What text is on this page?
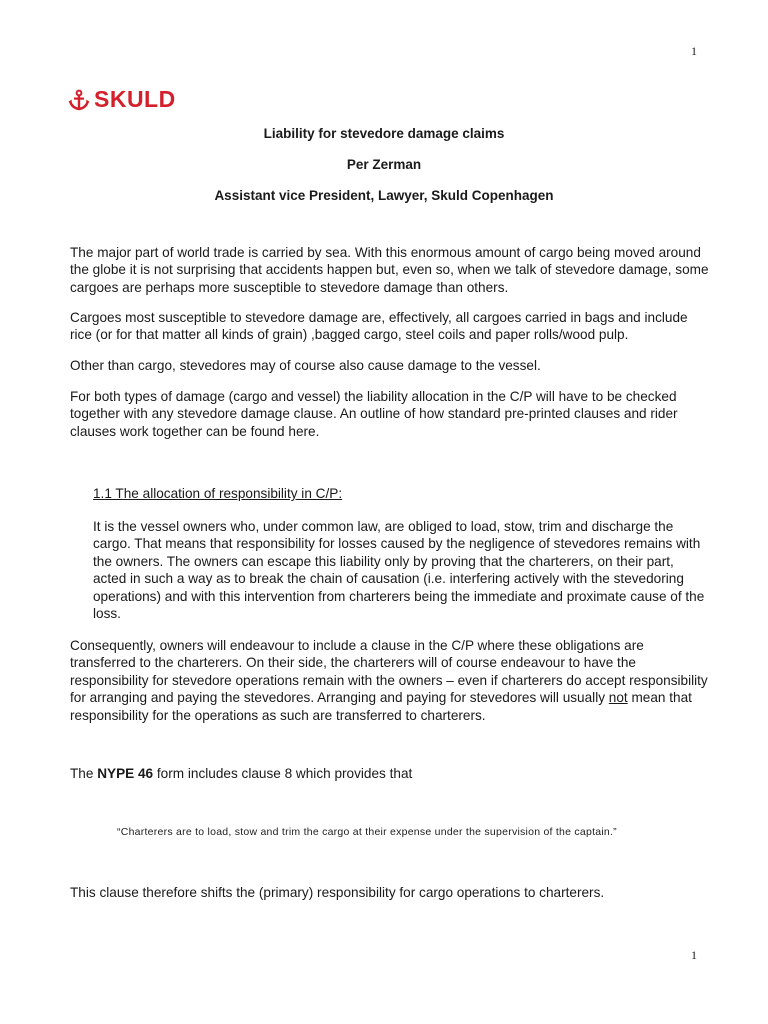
1
SKULD
Liability for stevedore damage claims
Per Zerman
Assistant vice President, Lawyer, Skuld Copenhagen

The major part of world trade is carried by sea. With this enormous amount of cargo being moved around the globe it is not surprising that accidents happen but, even so, when we talk of stevedore damage, some cargoes are perhaps more susceptible to stevedore damage than others.

Cargoes most susceptible to stevedore damage are, effectively, all cargoes carried in bags and include rice (or for that matter all kinds of grain) ,bagged cargo, steel coils and paper rolls/wood pulp.

Other than cargo, stevedores may of course also cause damage to the vessel.

For both types of damage (cargo and vessel) the liability allocation in the C/P will have to be checked together with any stevedore damage clause. An outline of how standard pre-printed clauses and rider clauses work together can be found here.

1.1 The allocation of responsibility in C/P:

It is the vessel owners who, under common law, are obliged to load, stow, trim and discharge the cargo. That means that responsibility for losses caused by the negligence of stevedores remains with the owners. The owners can escape this liability only by proving that the charterers, on their part, acted in such a way as to break the chain of causation (i.e. interfering actively with the stevedoring operations) and with this intervention from charterers being the immediate and proximate cause of the loss.

Consequently, owners will endeavour to include a clause in the C/P where these obligations are transferred to the charterers. On their side, the charterers will of course endeavour to have the responsibility for stevedore operations remain with the owners – even if charterers do accept responsibility for arranging and paying the stevedores. Arranging and paying for stevedores will usually not mean that responsibility for the operations as such are transferred to charterers.

The NYPE 46 form includes clause 8 which provides that

“Charterers are to load, stow and trim the cargo at their expense under the supervision of the captain.”

This clause therefore shifts the (primary) responsibility for cargo operations to charterers.

1
